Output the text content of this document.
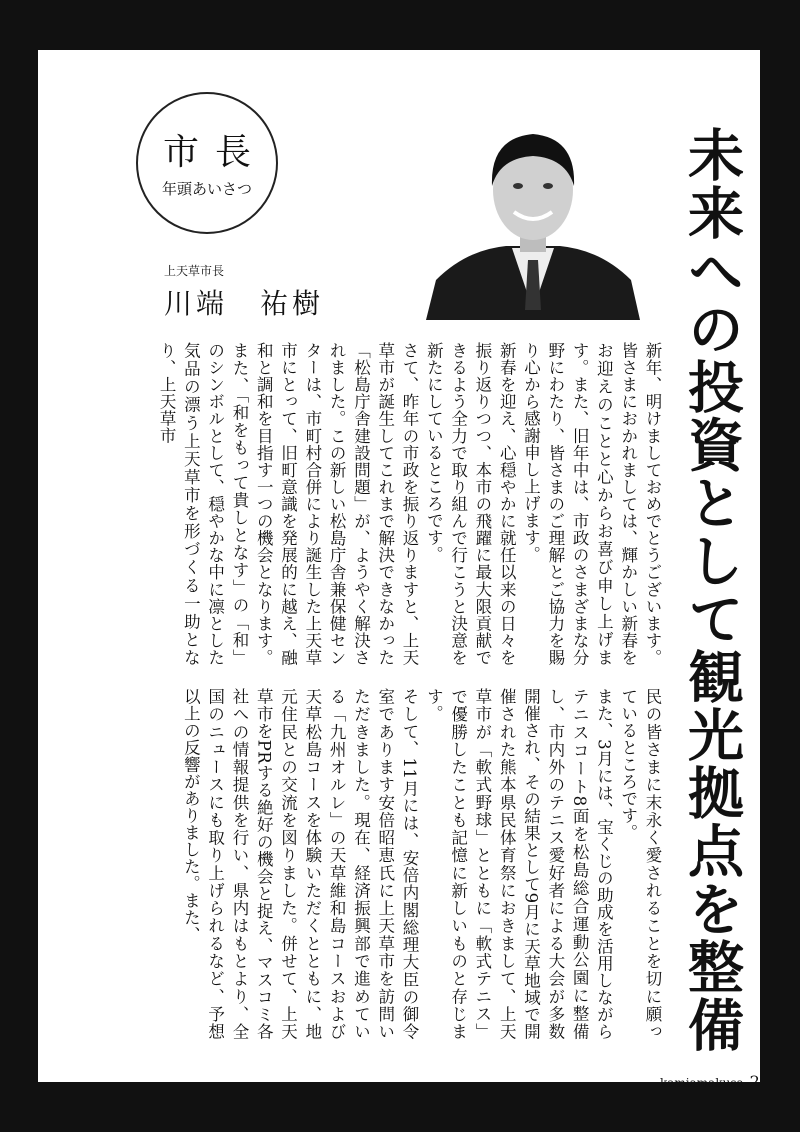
市長
年頭あいさつ
上天草市長
川端　祐樹	未来への投資として観光拠点を整備

新年、明けましておめでとうございます。皆さまにおかれましては、輝かしい新春をお迎えのことと心からお喜び申し上げます。また、旧年中は、市政のさまざまな分野にわたり、皆さまのご理解とご協力を賜り心から感謝申し上げます。

新春を迎え、心穏やかに就任以来の日々を振り返りつつ、本市の飛躍に最大限貢献できるよう全力で取り組んで行こうと決意を新たにしているところです。

さて、昨年の市政を振り返りますと、上天草市が誕生してこれまで解決できなかった「松島庁舎建設問題」が、ようやく解決されました。この新しい松島庁舎兼保健センターは、市町村合併により誕生した上天草市にとって、旧町意識を発展的に越え、融和と調和を目指す一つの機会となります。また、「和をもって貴しとなす」の「和」のシンボルとして、穏やかな中に凛とした気品の漂う上天草市を形づくる一助となり、上天草市

民の皆さまに末永く愛されることを切に願っているところです。

また、3月には、宝くじの助成を活用しながらテニスコート8面を松島総合運動公園に整備し、市内外のテニス愛好者による大会が多数開催され、その結果として9月に天草地域で開催された熊本県民体育祭におきまして、上天草市が「軟式野球」とともに「軟式テニス」で優勝したことも記憶に新しいものと存じます。

そして、11月には、安倍内閣総理大臣の御令室であります安倍昭恵氏に上天草市を訪問いただきました。現在、経済振興部で進めている「九州オルレ」の天草維和島コースおよび天草松島コースを体験いただくとともに、地元住民との交流を図りました。併せて、上天草市をPRする絶好の機会と捉え、マスコミ各社への情報提供を行い、県内はもとより、全国のニュースにも取り上げられるなど、予想以上の反響がありました。また、

kamiamakusa 2
